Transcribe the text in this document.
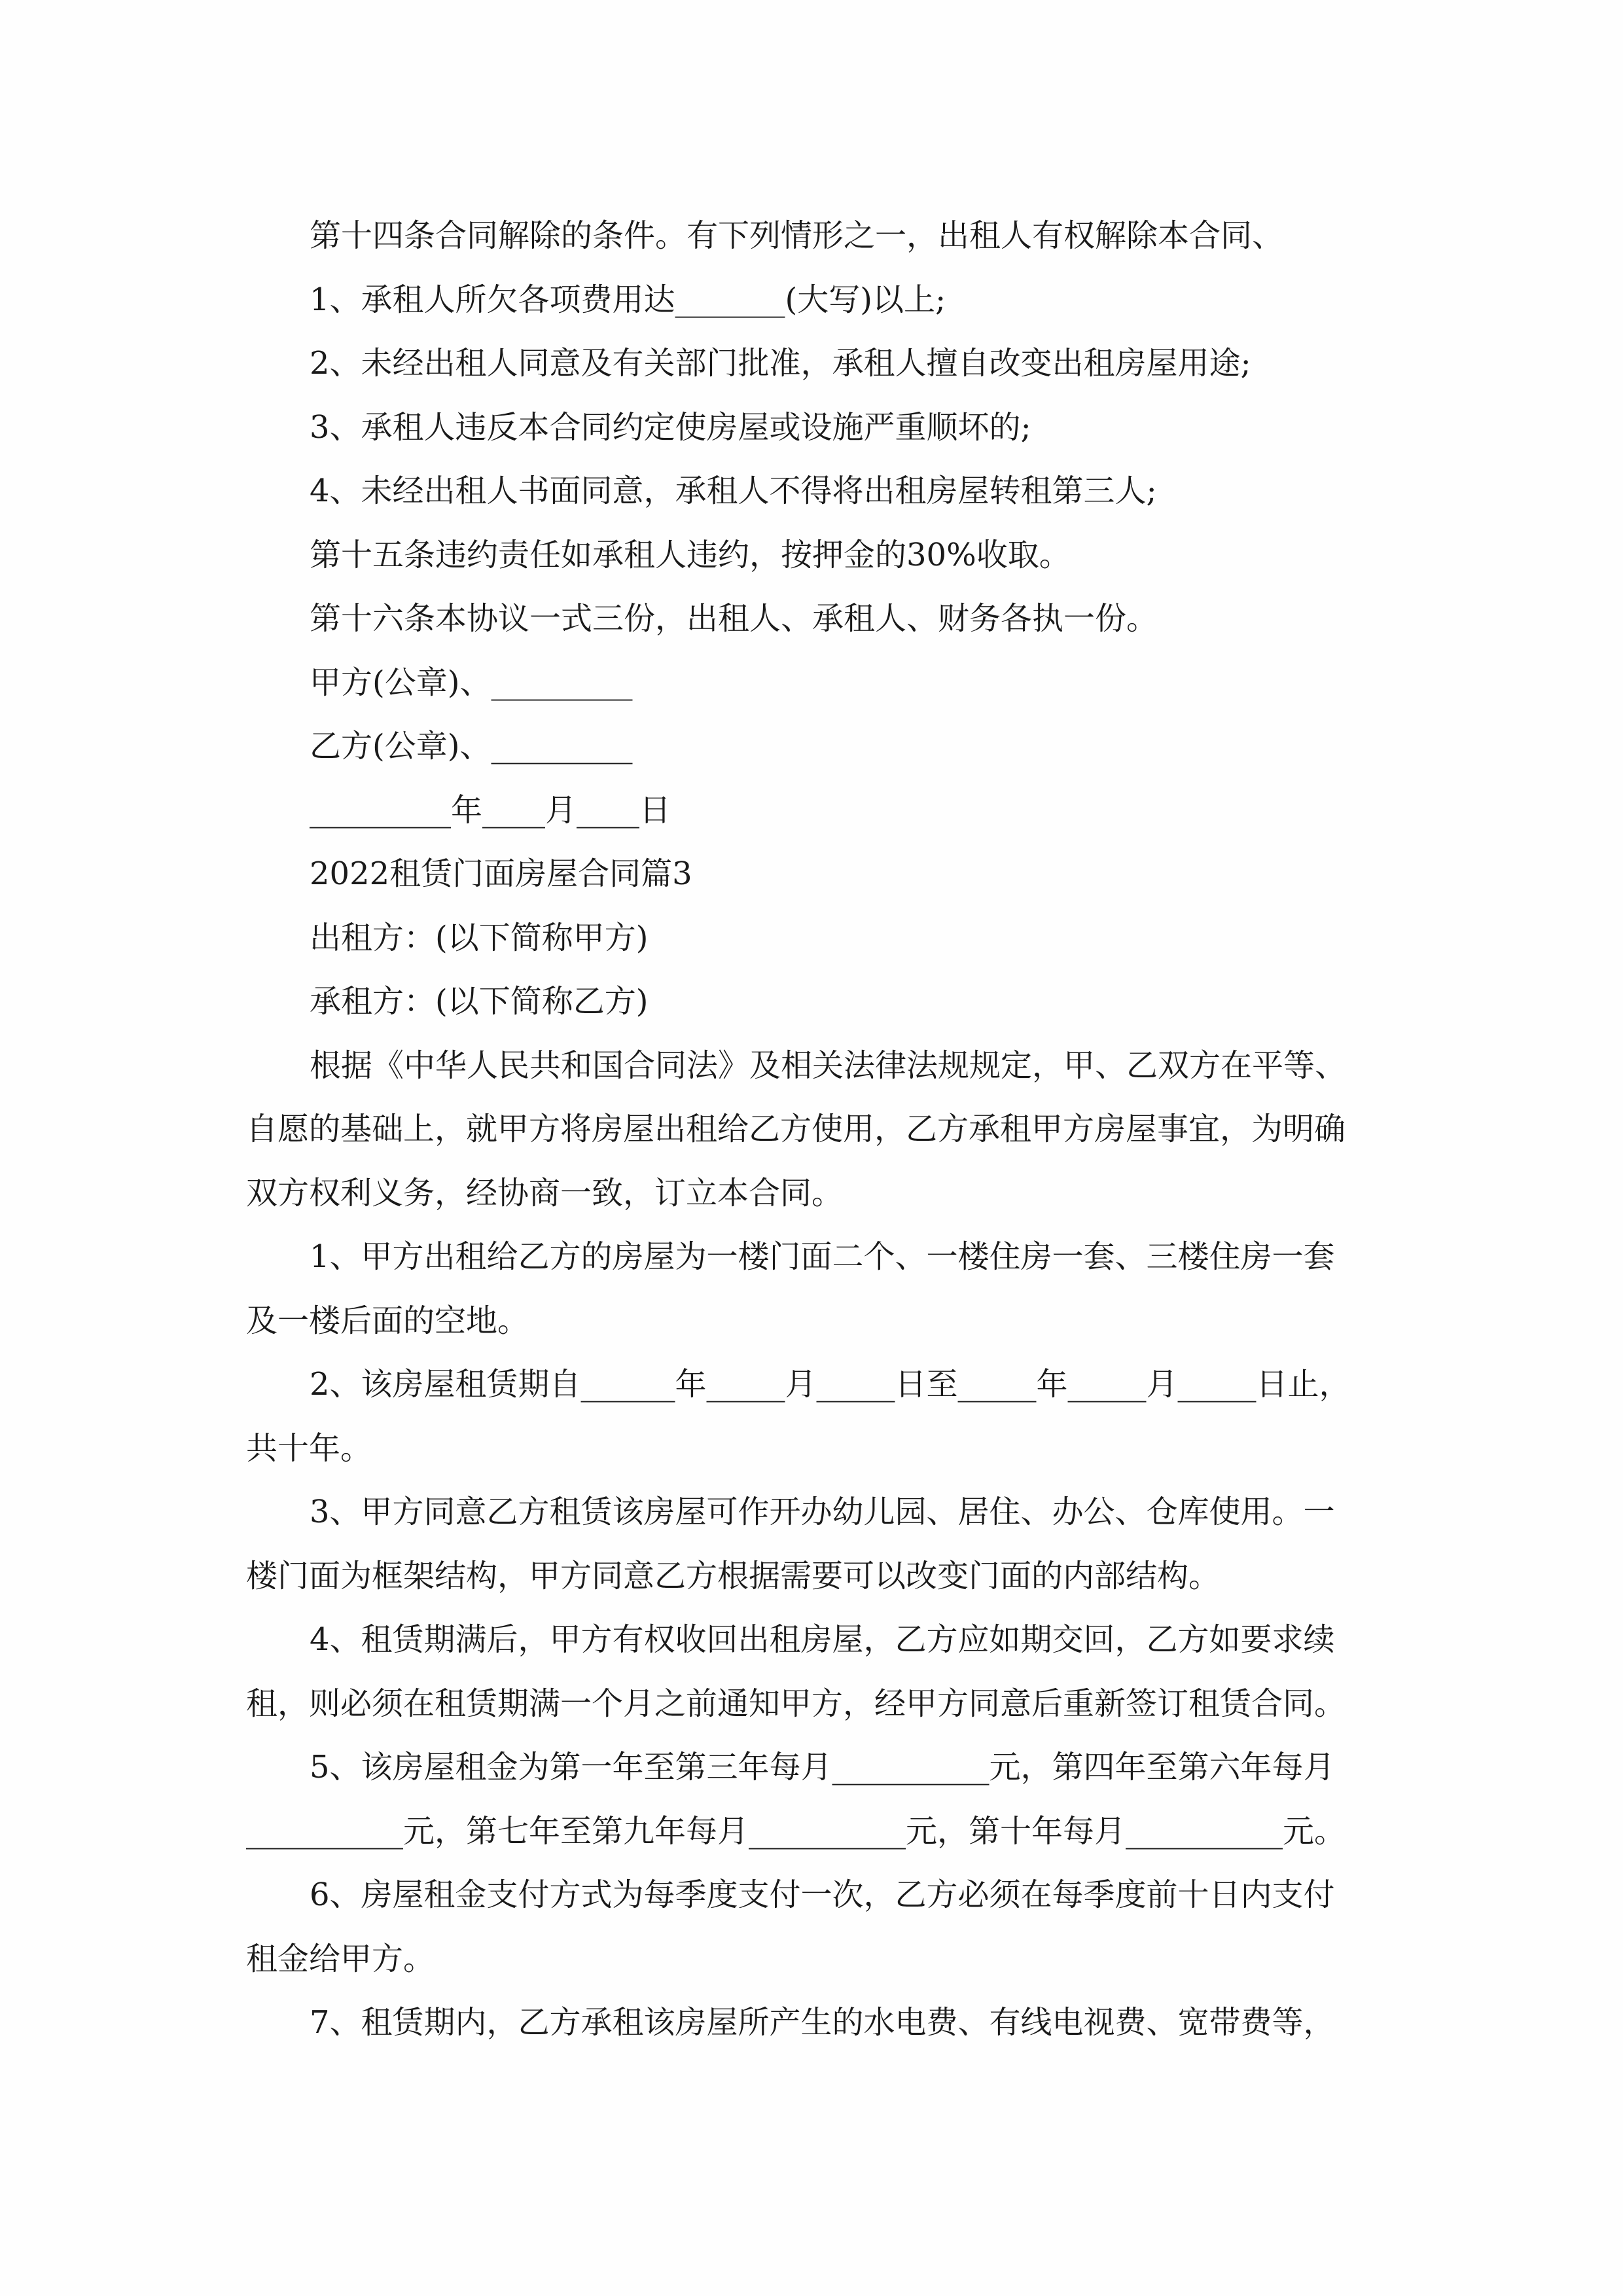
第十四条合同解除的条件。有下列情形之一，出租人有权解除本合同、
1、承租人所欠各项费用达_______(大写)以上;
2、未经出租人同意及有关部门批准，承租人擅自改变出租房屋用途;
3、承租人违反本合同约定使房屋或设施严重顺坏的;
4、未经出租人书面同意，承租人不得将出租房屋转租第三人;
第十五条违约责任如承租人违约，按押金的30%收取。
第十六条本协议一式三份，出租人、承租人、财务各执一份。
甲方(公章)、_________
乙方(公章)、_________
_________年____月____日
2022租赁门面房屋合同篇3
出租方：(以下简称甲方)
承租方：(以下简称乙方)
根据《中华人民共和国合同法》及相关法律法规规定，甲、乙双方在平等、
自愿的基础上，就甲方将房屋出租给乙方使用，乙方承租甲方房屋事宜，为明确
双方权利义务，经协商一致，订立本合同。
1、甲方出租给乙方的房屋为一楼门面二个、一楼住房一套、三楼住房一套
及一楼后面的空地。
2、该房屋租赁期自______年_____月_____日至_____年_____月_____日止，
共十年。
3、甲方同意乙方租赁该房屋可作开办幼儿园、居住、办公、仓库使用。一
楼门面为框架结构，甲方同意乙方根据需要可以改变门面的内部结构。
4、租赁期满后，甲方有权收回出租房屋，乙方应如期交回，乙方如要求续
租，则必须在租赁期满一个月之前通知甲方，经甲方同意后重新签订租赁合同。
5、该房屋租金为第一年至第三年每月__________元，第四年至第六年每月
__________元，第七年至第九年每月__________元，第十年每月__________元。
6、房屋租金支付方式为每季度支付一次，乙方必须在每季度前十日内支付
租金给甲方。
7、租赁期内，乙方承租该房屋所产生的水电费、有线电视费、宽带费等，
